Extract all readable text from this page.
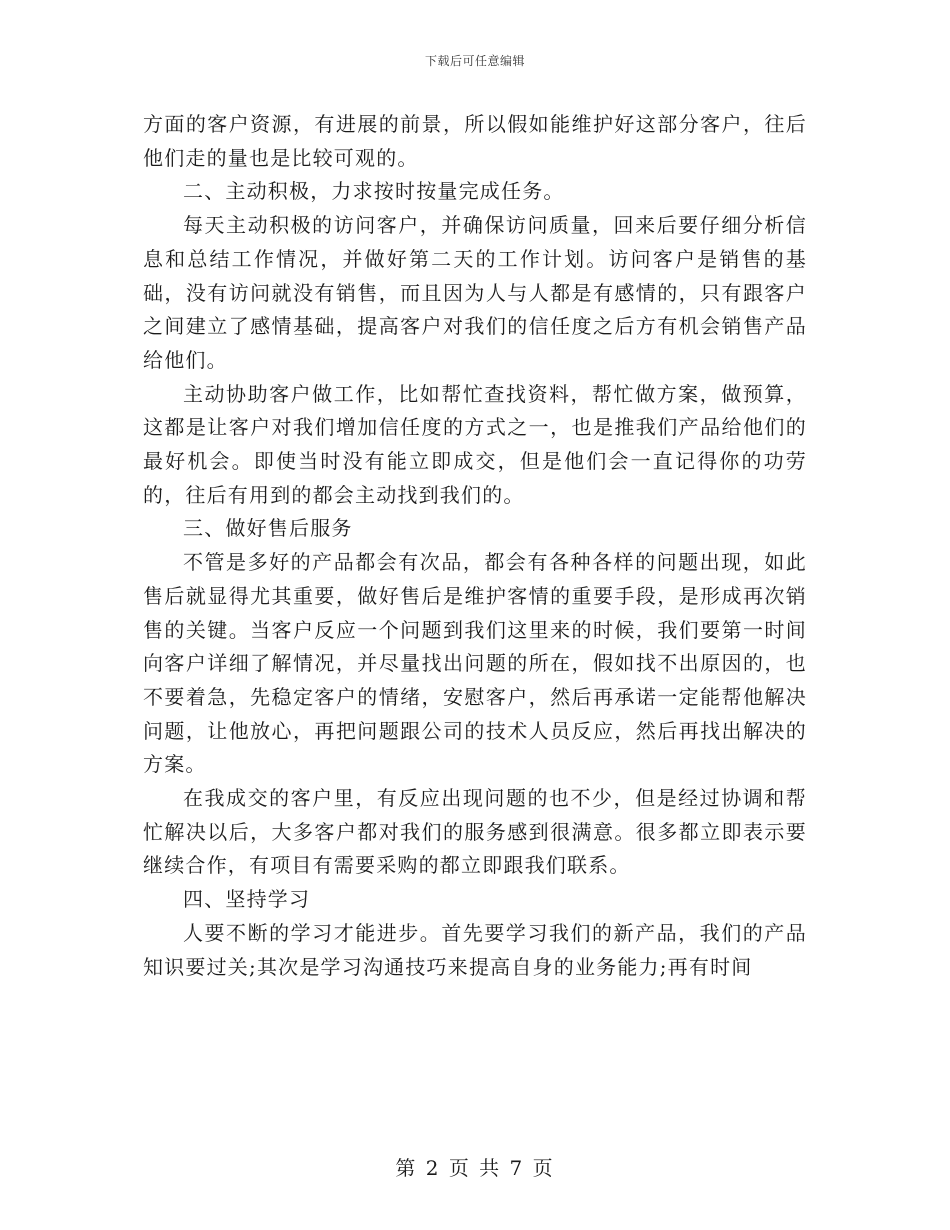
下载后可任意编辑

方面的客户资源，有进展的前景，所以假如能维护好这部分客户，往后他们走的量也是比较可观的。

二、主动积极，力求按时按量完成任务。

每天主动积极的访问客户，并确保访问质量，回来后要仔细分析信息和总结工作情况，并做好第二天的工作计划。访问客户是销售的基础，没有访问就没有销售，而且因为人与人都是有感情的，只有跟客户之间建立了感情基础，提高客户对我们的信任度之后方有机会销售产品给他们。

主动协助客户做工作，比如帮忙查找资料，帮忙做方案，做预算，这都是让客户对我们增加信任度的方式之一，也是推我们产品给他们的最好机会。即使当时没有能立即成交，但是他们会一直记得你的功劳的，往后有用到的都会主动找到我们的。

三、做好售后服务

不管是多好的产品都会有次品，都会有各种各样的问题出现，如此售后就显得尤其重要，做好售后是维护客情的重要手段，是形成再次销售的关键。当客户反应一个问题到我们这里来的时候，我们要第一时间向客户详细了解情况，并尽量找出问题的所在，假如找不出原因的，也不要着急，先稳定客户的情绪，安慰客户，然后再承诺一定能帮他解决问题，让他放心，再把问题跟公司的技术人员反应，然后再找出解决的方案。

在我成交的客户里，有反应出现问题的也不少，但是经过协调和帮忙解决以后，大多客户都对我们的服务感到很满意。很多都立即表示要继续合作，有项目有需要采购的都立即跟我们联系。

四、坚持学习

人要不断的学习才能进步。首先要学习我们的新产品，我们的产品知识要过关;其次是学习沟通技巧来提高自身的业务能力;再有时间

第 2 页 共 7 页
